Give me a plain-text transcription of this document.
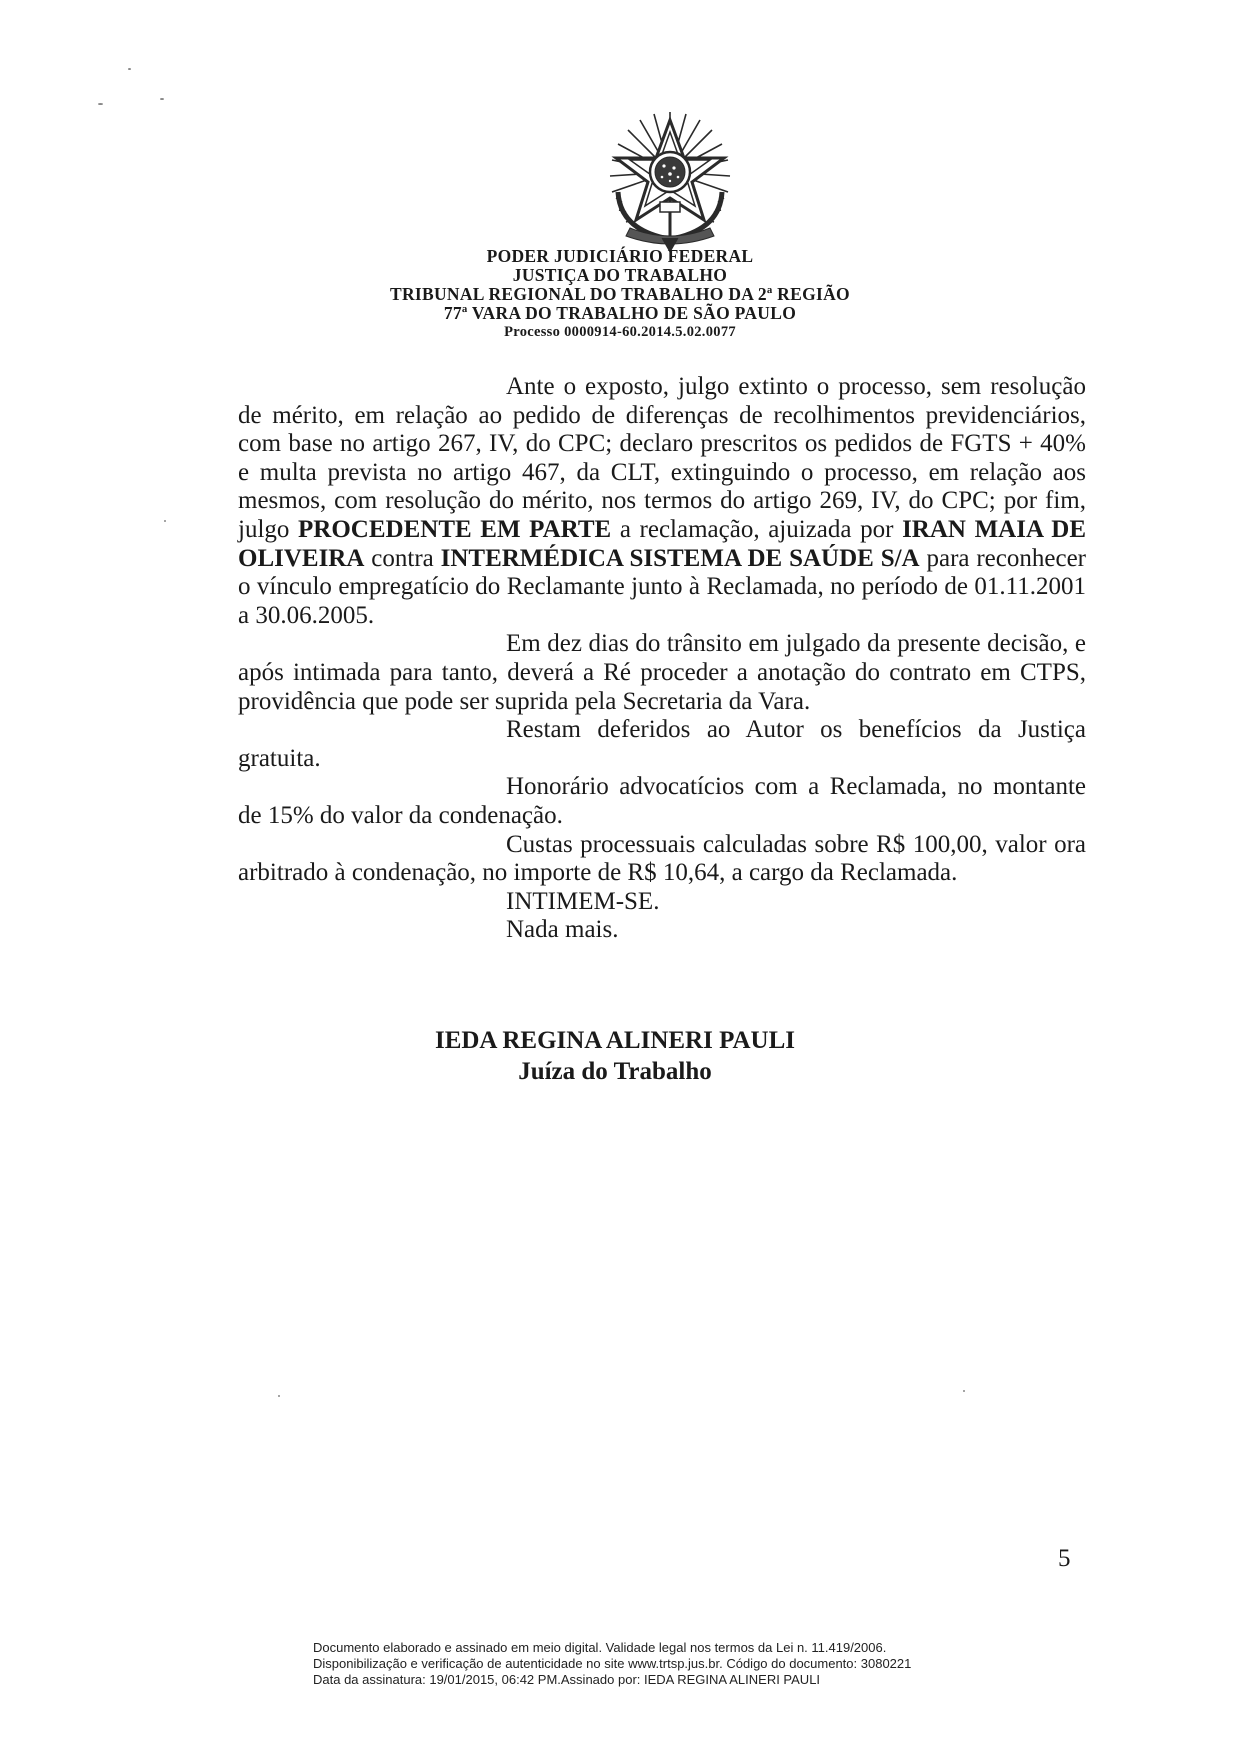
PODER JUDICIÁRIO FEDERAL
JUSTIÇA DO TRABALHO
TRIBUNAL REGIONAL DO TRABALHO DA 2ª REGIÃO
77ª VARA DO TRABALHO DE SÃO PAULO
Processo 0000914-60.2014.5.02.0077

Ante o exposto, julgo extinto o processo, sem resolução de mérito, em relação ao pedido de diferenças de recolhimentos previdenciários, com base no artigo 267, IV, do CPC; declaro prescritos os pedidos de FGTS + 40% e multa prevista no artigo 467, da CLT, extinguindo o processo, em relação aos mesmos, com resolução do mérito, nos termos do artigo 269, IV, do CPC; por fim, julgo PROCEDENTE EM PARTE a reclamação, ajuizada por IRAN MAIA DE OLIVEIRA contra INTERMÉDICA SISTEMA DE SAÚDE S/A para reconhecer o vínculo empregatício do Reclamante junto à Reclamada, no período de 01.11.2001 a 30.06.2005.

Em dez dias do trânsito em julgado da presente decisão, e após intimada para tanto, deverá a Ré proceder a anotação do contrato em CTPS, providência que pode ser suprida pela Secretaria da Vara.

Restam deferidos ao Autor os benefícios da Justiça gratuita.

Honorário advocatícios com a Reclamada, no montante de 15% do valor da condenação.

Custas processuais calculadas sobre R$ 100,00, valor ora arbitrado à condenação, no importe de R$ 10,64, a cargo da Reclamada.

INTIMEM-SE.

Nada mais.

IEDA REGINA ALINERI PAULI
Juíza do Trabalho
5
Documento elaborado e assinado em meio digital. Validade legal nos termos da Lei n. 11.419/2006.
Disponibilização e verificação de autenticidade no site www.trtsp.jus.br. Código do documento: 3080221
Data da assinatura: 19/01/2015, 06:42 PM.Assinado por: IEDA REGINA ALINERI PAULI
